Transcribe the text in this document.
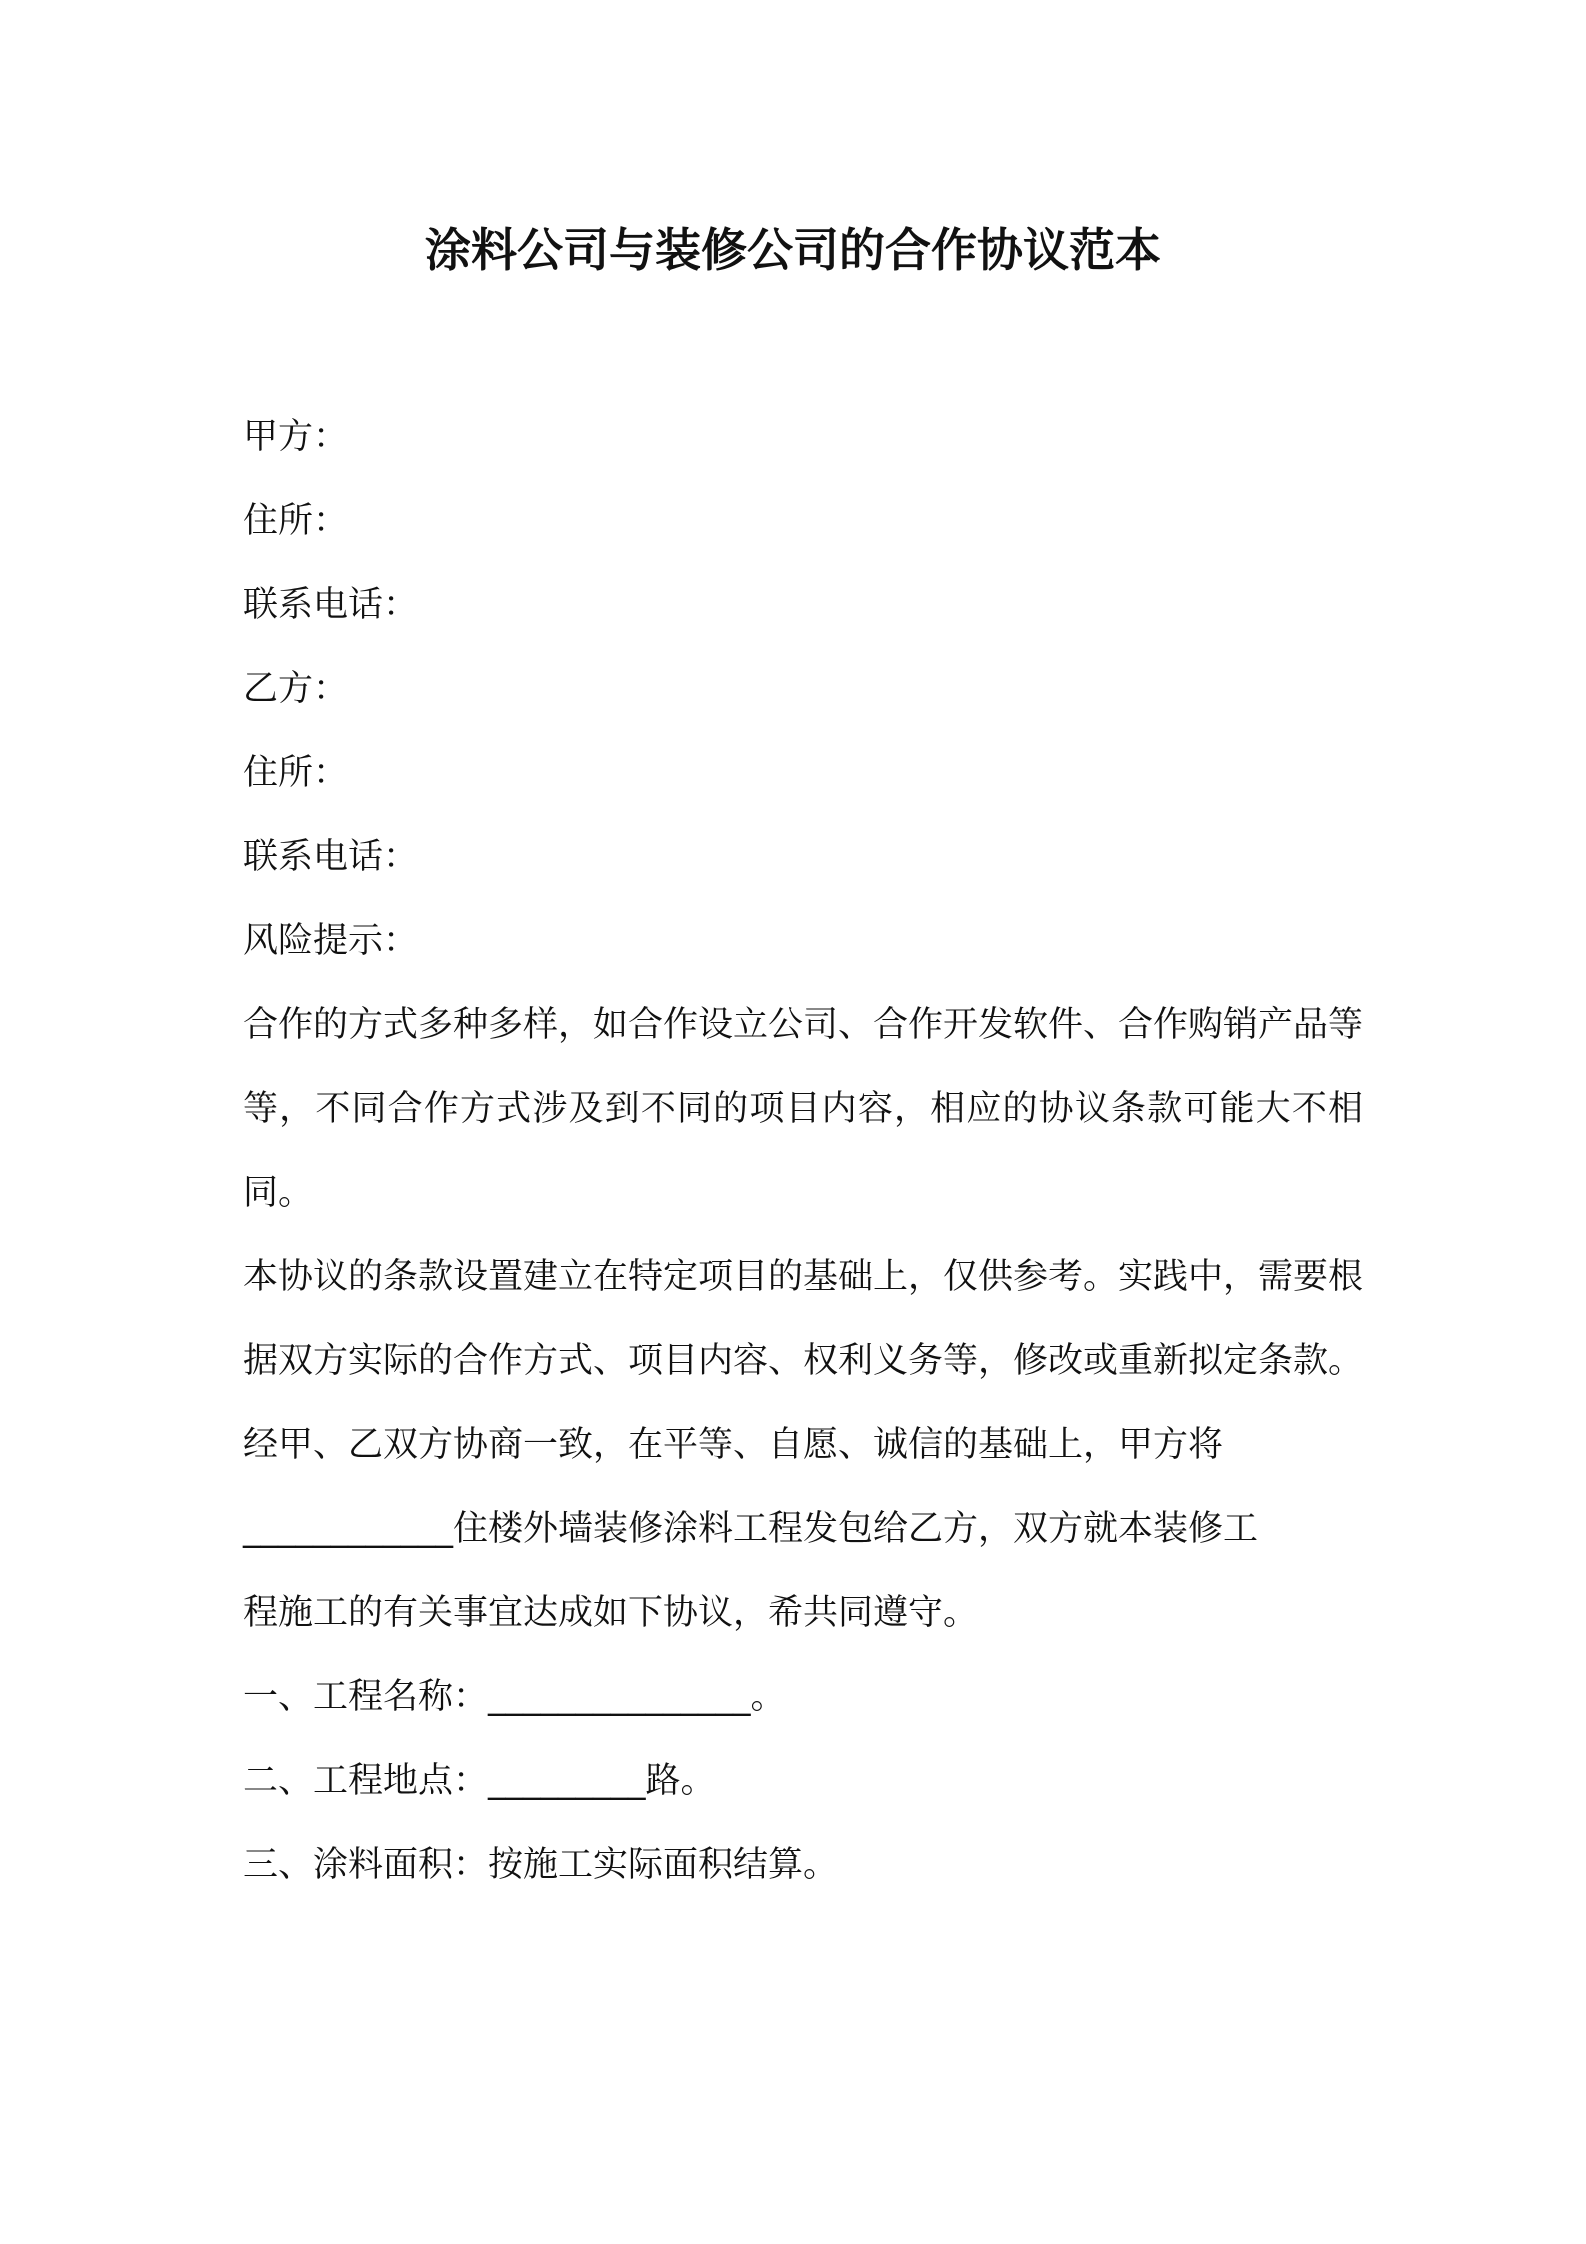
涂料公司与装修公司的合作协议范本

甲方：

住所：

联系电话：

乙方：

住所：

联系电话：

风险提示：

合作的方式多种多样，如合作设立公司、合作开发软件、合作购销产品等等，不同合作方式涉及到不同的项目内容，相应的协议条款可能大不相同。

本协议的条款设置建立在特定项目的基础上，仅供参考。实践中，需要根据双方实际的合作方式、项目内容、权利义务等，修改或重新拟定条款。

经甲、乙双方协商一致，在平等、自愿、诚信的基础上，甲方将

____________住楼外墙装修涂料工程发包给乙方，双方就本装修工

程施工的有关事宜达成如下协议，希共同遵守。

一、工程名称：_______________。

二、工程地点：_________路。

三、涂料面积：按施工实际面积结算。
